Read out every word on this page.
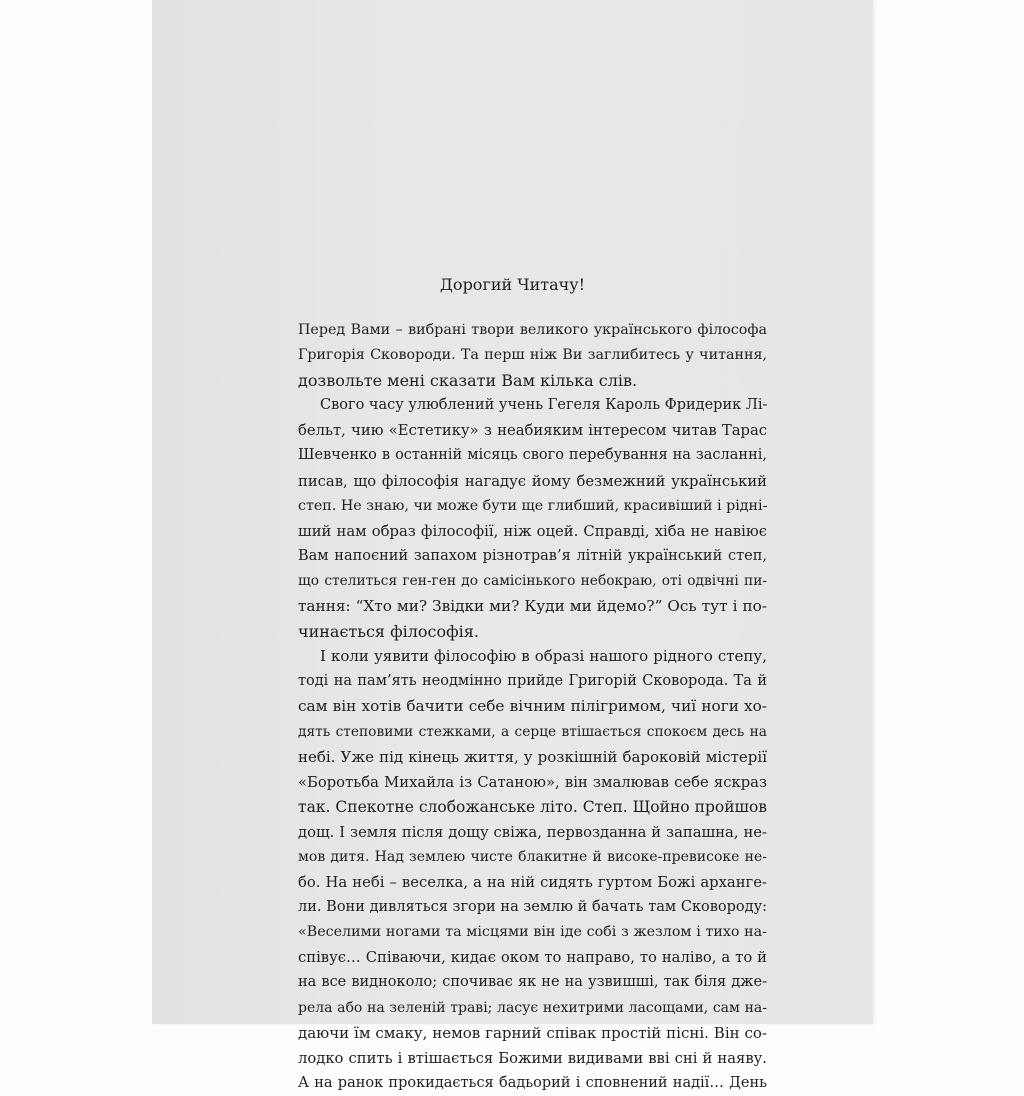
Дорогий Читачу!
Перед Вами – вибрані твори великого українського філософа
Григорія Сковороди. Та перш ніж Ви заглибитесь у читання,
дозвольте мені сказати Вам кілька слів.
Свого часу улюблений учень Гегеля Кароль Фридерик Лі-
бельт, чию «Естетику» з неабияким інтересом читав Тарас
Шевченко в останній місяць свого перебування на засланні,
писав, що філософія нагадує йому безмежний український
степ. Не знаю, чи може бути ще глибший, красивіший і рідні-
ший нам образ філософії, ніж оцей. Справді, хіба не навіює
Вам напоєний запахом різнотрав’я літній український степ,
що стелиться ген-ген до самісінького небокраю, оті одвічні пи-
тання: “Хто ми? Звідки ми? Куди ми йдемо?” Ось тут і по-
чинається філософія.
І коли уявити філософію в образі нашого рідного степу,
тоді на пам’ять неодмінно прийде Григорій Сковорода. Та й
сам він хотів бачити себе вічним пілігримом, чиї ноги хо-
дять степовими стежками, а серце втішається спокоєм десь на
небі. Уже під кінець життя, у розкішній бароковій містерії
«Боротьба Михайла із Сатаною», він змалював себе яскраз
так. Спекотне слобожанське літо. Степ. Щойно пройшов
дощ. І земля після дощу свіжа, первозданна й запашна, не-
мов дитя. Над землею чисте блакитне й високе-превисоке не-
бо. На небі – веселка, а на ній сидять гуртом Божі архангe-
ли. Вони дивляться згори на землю й бачать там Сковороду:
«Веселими ногами та місцями він іде собі з жезлом і тихо на-
співує… Співаючи, кидає оком то направо, то наліво, а то й
на все видноколо; спочиває як не на узвишші, так біля дже-
рела або на зеленій траві; ласує нехитрими ласощами, сам на-
даючи їм смаку, немов гарний співак простій пісні. Він со-
лодко спить і втішається Божими видивами вві сні й наяву.
А на ранок прокидається бадьорий і сповнений надії… День
